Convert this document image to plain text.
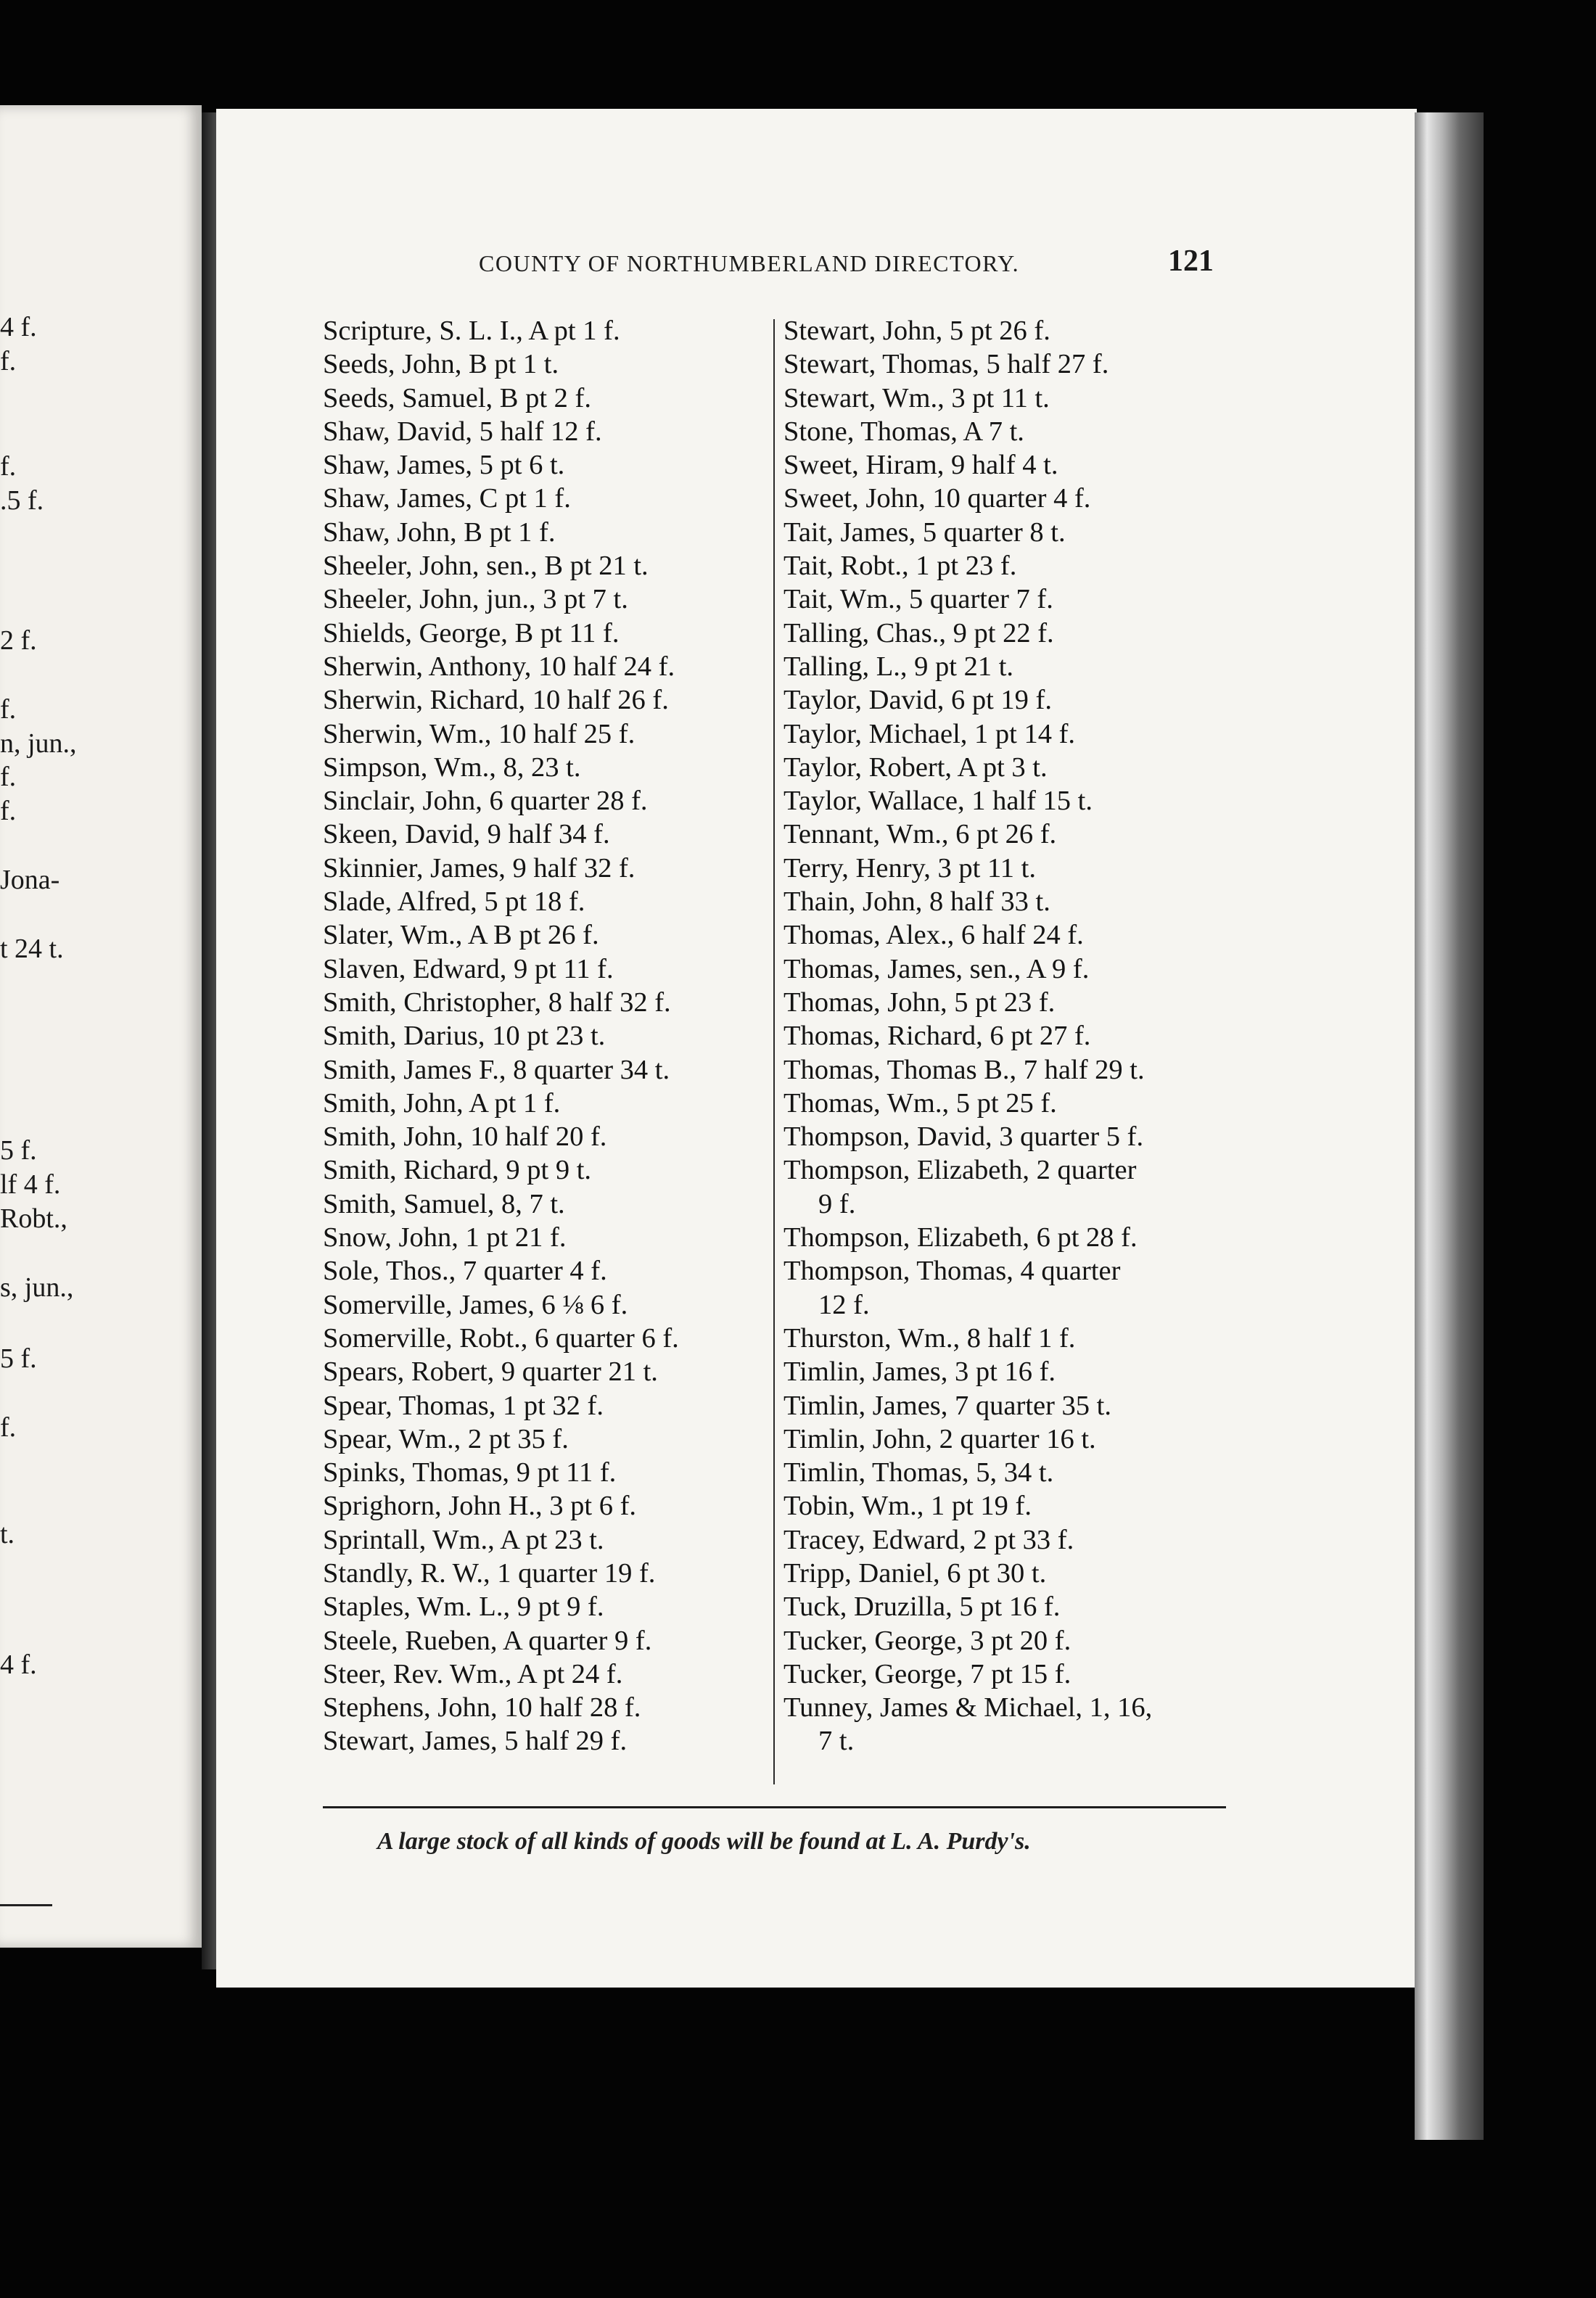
4 f.
f.
f.
.5 f.
2 f.
f.
n, jun.,
f.
f.
Jona-
t 24 t.
5 f.
lf 4 f.
Robt.,
s, jun.,
5 f.
f.
t.
4 f.
COUNTY OF NORTHUMBERLAND DIRECTORY.	121
Scripture, S. L. I., A pt 1 f.
Seeds, John, B pt 1 t.
Seeds, Samuel, B pt 2 f.
Shaw, David, 5 half 12 f.
Shaw, James, 5 pt 6 t.
Shaw, James, C pt 1 f.
Shaw, John, B pt 1 f.
Sheeler, John, sen., B pt 21 t.
Sheeler, John, jun., 3 pt 7 t.
Shields, George, B pt 11 f.
Sherwin, Anthony, 10 half 24 f.
Sherwin, Richard, 10 half 26 f.
Sherwin, Wm., 10 half 25 f.
Simpson, Wm., 8, 23 t.
Sinclair, John, 6 quarter 28 f.
Skeen, David, 9 half 34 f.
Skinnier, James, 9 half 32 f.
Slade, Alfred, 5 pt 18 f.
Slater, Wm., A B pt 26 f.
Slaven, Edward, 9 pt 11 f.
Smith, Christopher, 8 half 32 f.
Smith, Darius, 10 pt 23 t.
Smith, James F., 8 quarter 34 t.
Smith, John, A pt 1 f.
Smith, John, 10 half 20 f.
Smith, Richard, 9 pt 9 t.
Smith, Samuel, 8, 7 t.
Snow, John, 1 pt 21 f.
Sole, Thos., 7 quarter 4 f.
Somerville, James, 6 ⅛ 6 f.
Somerville, Robt., 6 quarter 6 f.
Spears, Robert, 9 quarter 21 t.
Spear, Thomas, 1 pt 32 f.
Spear, Wm., 2 pt 35 f.
Spinks, Thomas, 9 pt 11 f.
Sprighorn, John H., 3 pt 6 f.
Sprintall, Wm., A pt 23 t.
Standly, R. W., 1 quarter 19 f.
Staples, Wm. L., 9 pt 9 f.
Steele, Rueben, A quarter 9 f.
Steer, Rev. Wm., A pt 24 f.
Stephens, John, 10 half 28 f.
Stewart, James, 5 half 29 f.
Stewart, John, 5 pt 26 f.
Stewart, Thomas, 5 half 27 f.
Stewart, Wm., 3 pt 11 t.
Stone, Thomas, A 7 t.
Sweet, Hiram, 9 half 4 t.
Sweet, John, 10 quarter 4 f.
Tait, James, 5 quarter 8 t.
Tait, Robt., 1 pt 23 f.
Tait, Wm., 5 quarter 7 f.
Talling, Chas., 9 pt 22 f.
Talling, L., 9 pt 21 t.
Taylor, David, 6 pt 19 f.
Taylor, Michael, 1 pt 14 f.
Taylor, Robert, A pt 3 t.
Taylor, Wallace, 1 half 15 t.
Tennant, Wm., 6 pt 26 f.
Terry, Henry, 3 pt 11 t.
Thain, John, 8 half 33 t.
Thomas, Alex., 6 half 24 f.
Thomas, James, sen., A 9 f.
Thomas, John, 5 pt 23 f.
Thomas, Richard, 6 pt 27 f.
Thomas, Thomas B., 7 half 29 t.
Thomas, Wm., 5 pt 25 f.
Thompson, David, 3 quarter 5 f.
Thompson, Elizabeth, 2 quarter
9 f.
Thompson, Elizabeth, 6 pt 28 f.
Thompson, Thomas, 4 quarter
12 f.
Thurston, Wm., 8 half 1 f.
Timlin, James, 3 pt 16 f.
Timlin, James, 7 quarter 35 t.
Timlin, John, 2 quarter 16 t.
Timlin, Thomas, 5, 34 t.
Tobin, Wm., 1 pt 19 f.
Tracey, Edward, 2 pt 33 f.
Tripp, Daniel, 6 pt 30 t.
Tuck, Druzilla, 5 pt 16 f.
Tucker, George, 3 pt 20 f.
Tucker, George, 7 pt 15 f.
Tunney, James & Michael, 1, 16,
7 t.
A large stock of all kinds of goods will be found at L. A. Purdy's.
